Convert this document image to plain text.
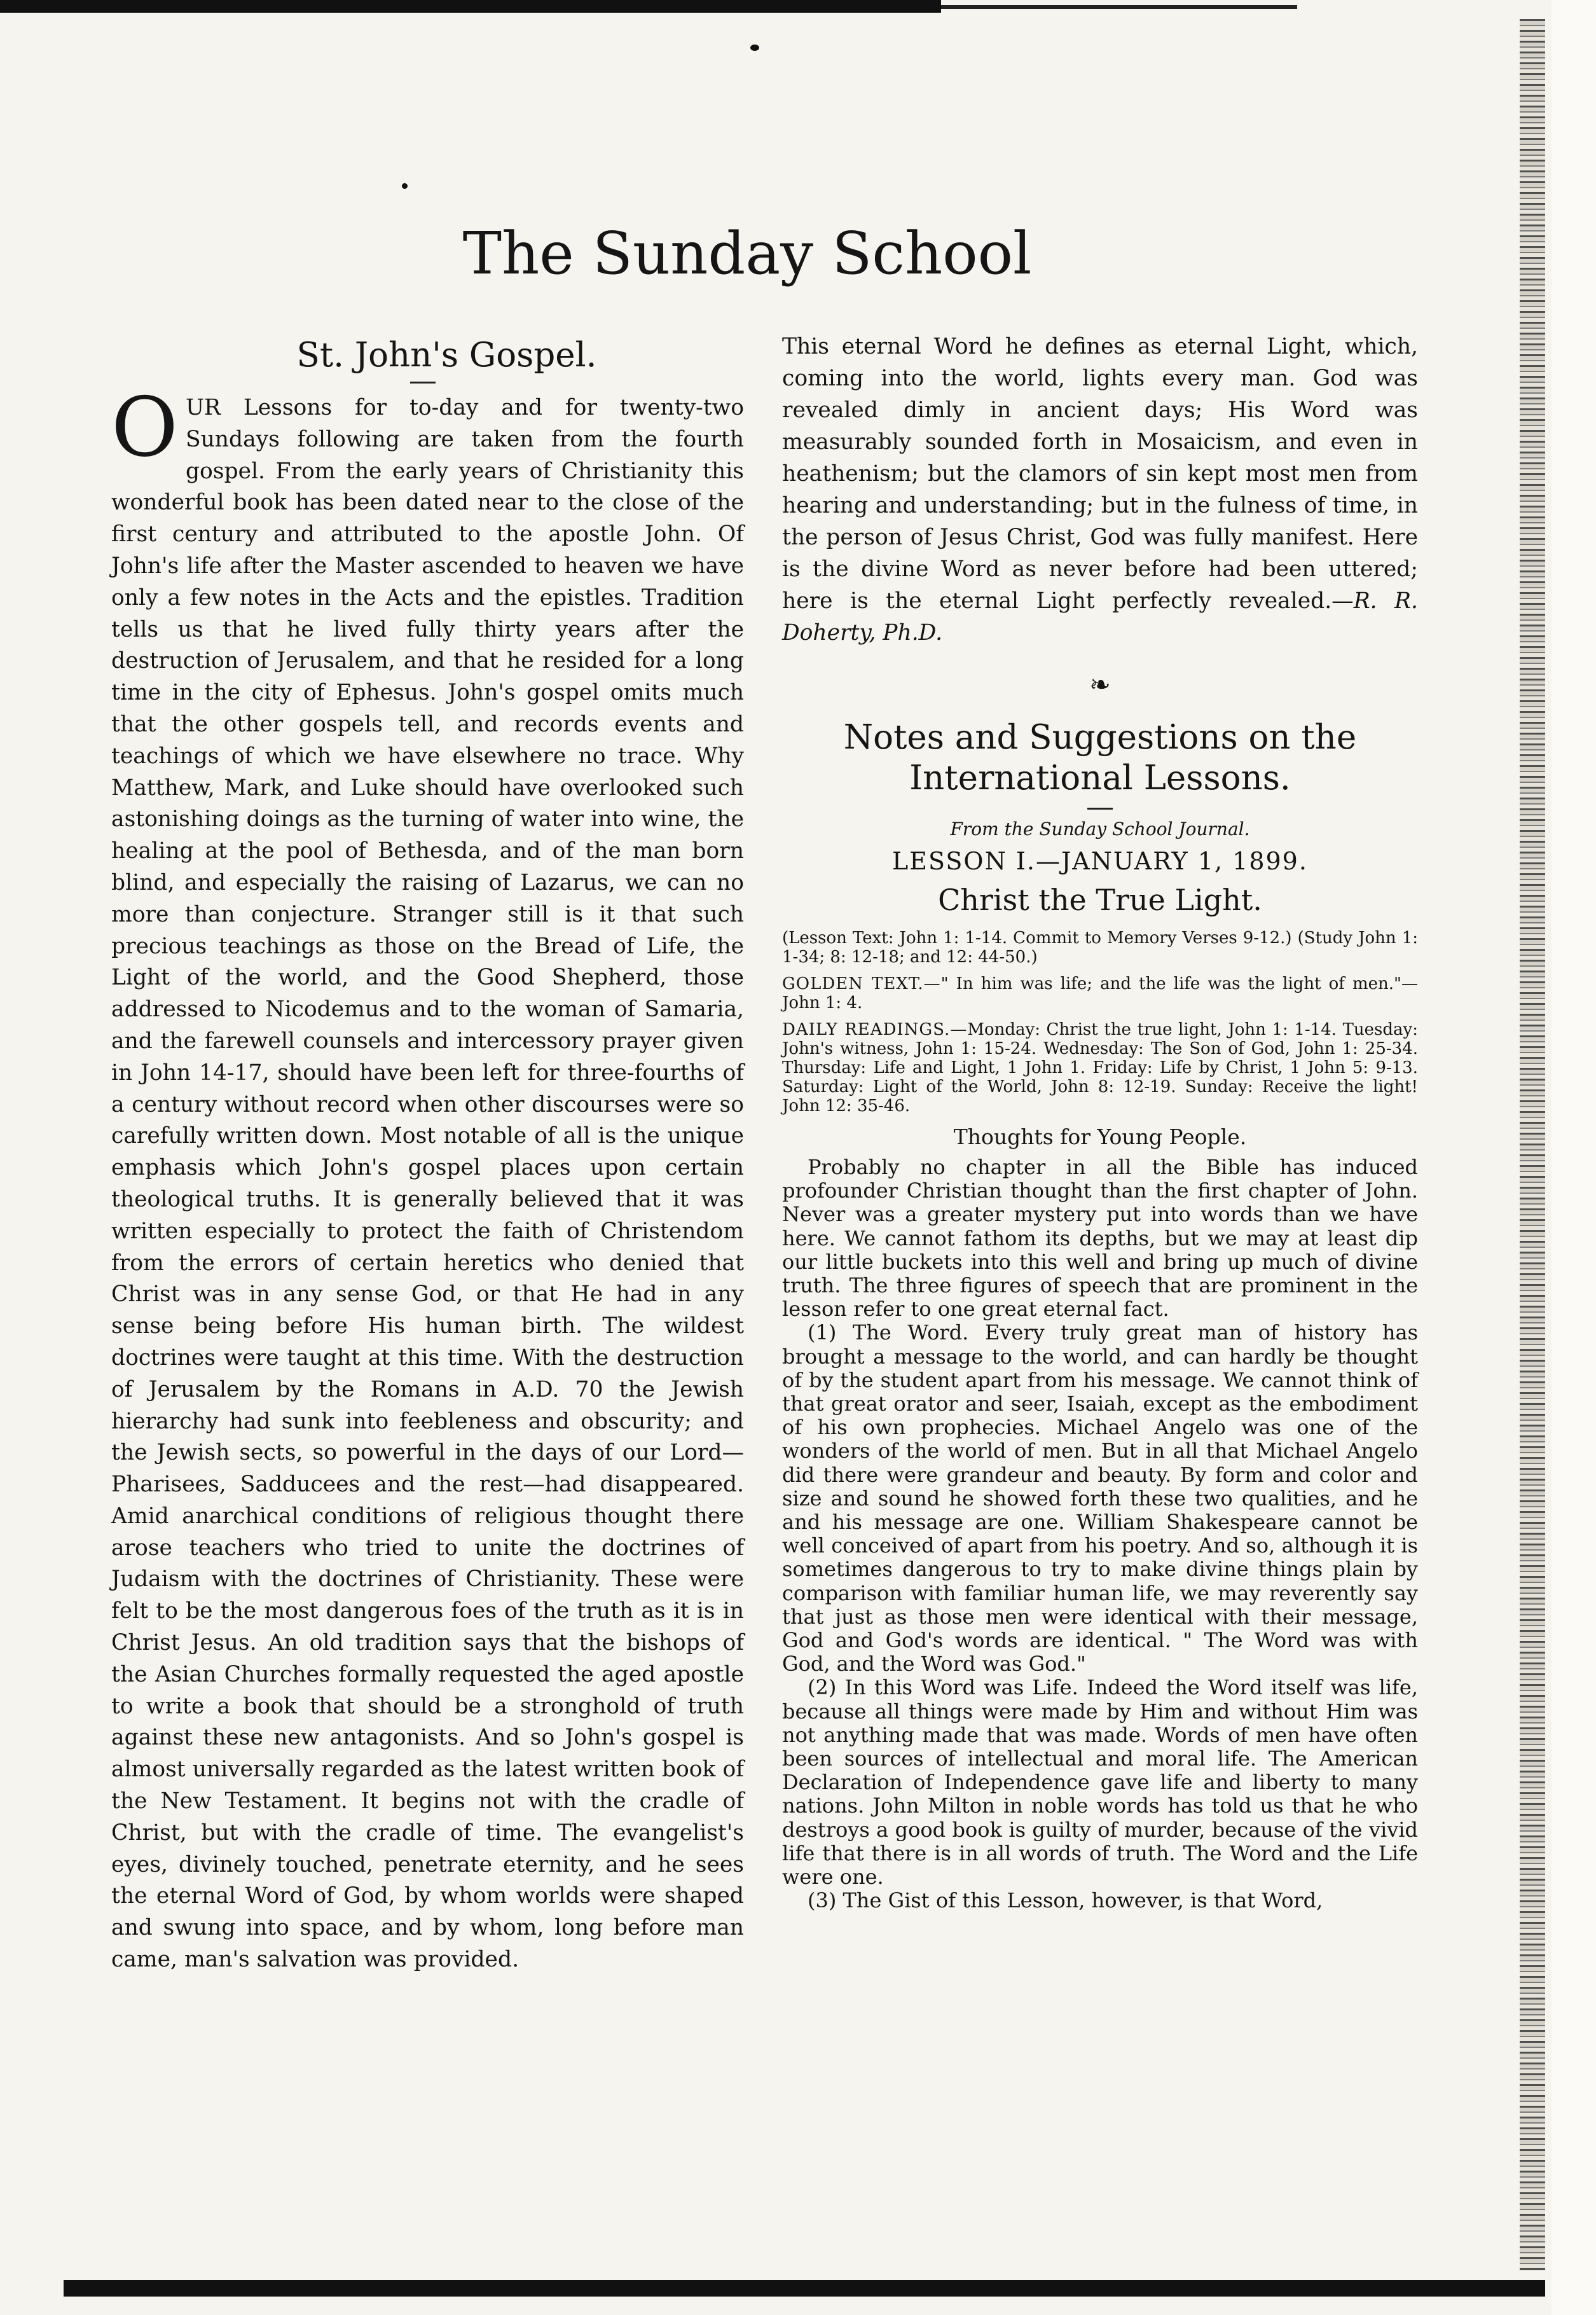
The Sunday School
St. John's Gospel.

OUR Lessons for to-day and for twenty-two Sundays following are taken from the fourth gospel. From the early years of Christianity this wonderful book has been dated near to the close of the first century and attributed to the apostle John. Of John's life after the Master ascended to heaven we have only a few notes in the Acts and the epistles. Tradition tells us that he lived fully thirty years after the destruction of Jerusalem, and that he resided for a long time in the city of Ephesus. John's gospel omits much that the other gospels tell, and records events and teachings of which we have elsewhere no trace. Why Matthew, Mark, and Luke should have overlooked such astonishing doings as the turning of water into wine, the healing at the pool of Bethesda, and of the man born blind, and especially the raising of Lazarus, we can no more than conjecture. Stranger still is it that such precious teachings as those on the Bread of Life, the Light of the world, and the Good Shepherd, those addressed to Nicodemus and to the woman of Samaria, and the farewell counsels and intercessory prayer given in John 14-17, should have been left for three-fourths of a century without record when other discourses were so carefully written down. Most notable of all is the unique emphasis which John's gospel places upon certain theological truths. It is generally believed that it was written especially to protect the faith of Christendom from the errors of certain heretics who denied that Christ was in any sense God, or that He had in any sense being before His human birth. The wildest doctrines were taught at this time. With the destruction of Jerusalem by the Romans in A.D. 70 the Jewish hierarchy had sunk into feebleness and obscurity; and the Jewish sects, so powerful in the days of our Lord—Pharisees, Sadducees and the rest—had disappeared. Amid anarchical conditions of religious thought there arose teachers who tried to unite the doctrines of Judaism with the doctrines of Christianity. These were felt to be the most dangerous foes of the truth as it is in Christ Jesus. An old tradition says that the bishops of the Asian Churches formally requested the aged apostle to write a book that should be a stronghold of truth against these new antagonists. And so John's gospel is almost universally regarded as the latest written book of the New Testament. It begins not with the cradle of Christ, but with the cradle of time. The evangelist's eyes, divinely touched, penetrate eternity, and he sees the eternal Word of God, by whom worlds were shaped and swung into space, and by whom, long before man came, man's salvation was provided.

This eternal Word he defines as eternal Light, which, coming into the world, lights every man. God was revealed dimly in ancient days; His Word was measurably sounded forth in Mosaicism, and even in heathenism; but the clamors of sin kept most men from hearing and understanding; but in the fulness of time, in the person of Jesus Christ, God was fully manifest. Here is the divine Word as never before had been uttered; here is the eternal Light perfectly revealed.—R. R. Doherty, Ph.D.

❧
Notes and Suggestions on the International Lessons.
From the Sunday School Journal.
LESSON I.—JANUARY 1, 1899.
Christ the True Light.

(Lesson Text: John 1: 1-14. Commit to Memory Verses 9-12.) (Study John 1: 1-34; 8: 12-18; and 12: 44-50.)

GOLDEN TEXT.—" In him was life; and the life was the light of men."—John 1: 4.

DAILY READINGS.—Monday: Christ the true light, John 1: 1-14. Tuesday: John's witness, John 1: 15-24. Wednesday: The Son of God, John 1: 25-34. Thursday: Life and Light, 1 John 1. Friday: Life by Christ, 1 John 5: 9-13. Saturday: Light of the World, John 8: 12-19. Sunday: Receive the light! John 12: 35-46.

Thoughts for Young People.

Probably no chapter in all the Bible has induced profounder Christian thought than the first chapter of John. Never was a greater mystery put into words than we have here. We cannot fathom its depths, but we may at least dip our little buckets into this well and bring up much of divine truth. The three figures of speech that are prominent in the lesson refer to one great eternal fact.

(1) The Word. Every truly great man of history has brought a message to the world, and can hardly be thought of by the student apart from his message. We cannot think of that great orator and seer, Isaiah, except as the embodiment of his own prophecies. Michael Angelo was one of the wonders of the world of men. But in all that Michael Angelo did there were grandeur and beauty. By form and color and size and sound he showed forth these two qualities, and he and his message are one. William Shakespeare cannot be well conceived of apart from his poetry. And so, although it is sometimes dangerous to try to make divine things plain by comparison with familiar human life, we may reverently say that just as those men were identical with their message, God and God's words are identical. " The Word was with God, and the Word was God."

(2) In this Word was Life. Indeed the Word itself was life, because all things were made by Him and without Him was not anything made that was made. Words of men have often been sources of intellectual and moral life. The American Declaration of Independence gave life and liberty to many nations. John Milton in noble words has told us that he who destroys a good book is guilty of murder, because of the vivid life that there is in all words of truth. The Word and the Life were one.

(3) The Gist of this Lesson, however, is that Word,
